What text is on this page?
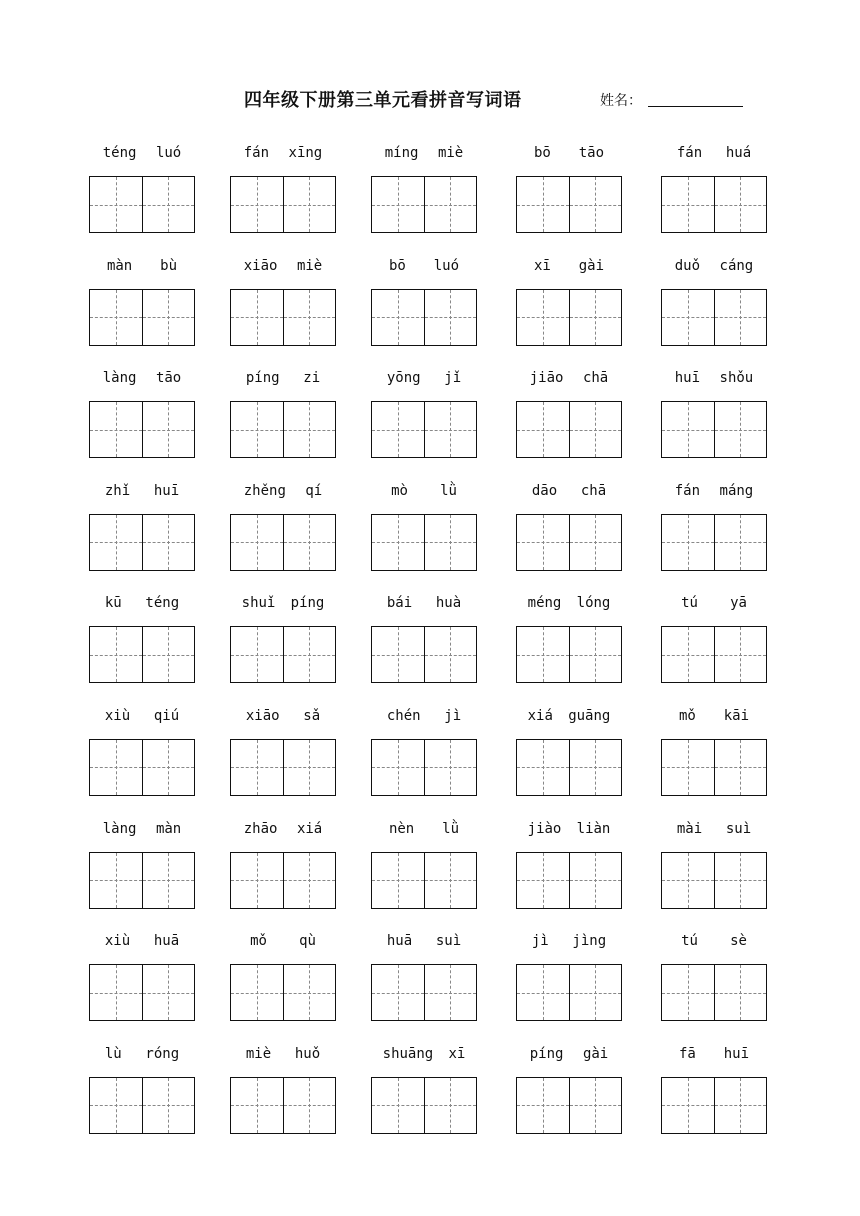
四年级下册第三单元看拼音写词语	姓名：
téng luó	fán xīng	míng miè	bō tāo	fán huá
màn bù	xiāo miè	bō luó	xī gài	duǒ cáng
làng tāo	píng zi	yōng jǐ	jiāo chā	huī shǒu
zhǐ huī	zhěng qí	mò lǜ	dāo chā	fán máng
kū téng	shuǐ píng	bái huà	méng lóng	tú yā
xiù qiú	xiāo sǎ	chén jì	xiá guāng	mǒ kāi
làng màn	zhāo xiá	nèn lǜ	jiào liàn	mài suì
xiù huā	mǒ qù	huā suì	jì jìng	tú sè
lù róng	miè huǒ	shuāng xī	píng gài	fā huī
